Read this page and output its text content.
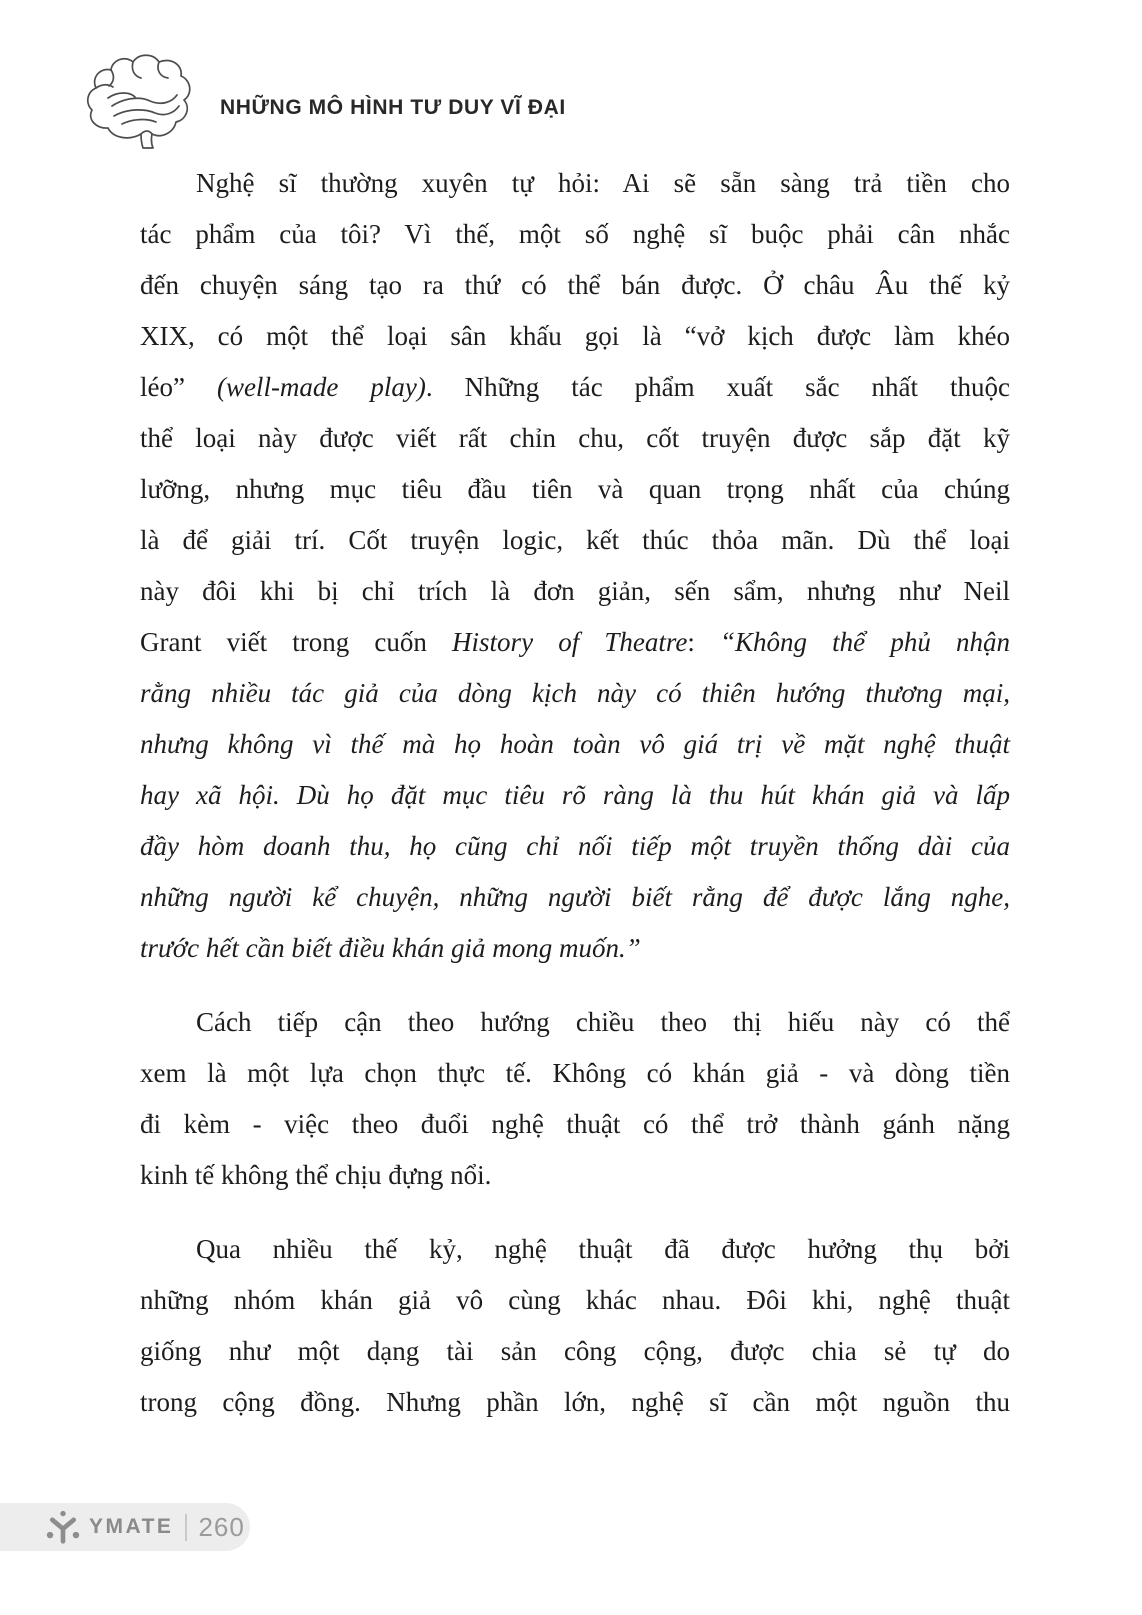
NHỮNG MÔ HÌNH TƯ DUY VĨ ĐẠI
Nghệ sĩ thường xuyên tự hỏi: Ai sẽ sẵn sàng trả tiền cho
tác phẩm của tôi? Vì thế, một số nghệ sĩ buộc phải cân nhắc
đến chuyện sáng tạo ra thứ có thể bán được. Ở châu Âu thế kỷ
XIX, có một thể loại sân khấu gọi là “vở kịch được làm khéo
léo” (well-made play). Những tác phẩm xuất sắc nhất thuộc
thể loại này được viết rất chỉn chu, cốt truyện được sắp đặt kỹ
lưỡng, nhưng mục tiêu đầu tiên và quan trọng nhất của chúng
là để giải trí. Cốt truyện logic, kết thúc thỏa mãn. Dù thể loại
này đôi khi bị chỉ trích là đơn giản, sến sẩm, nhưng như Neil
Grant viết trong cuốn History of Theatre: “Không thể phủ nhận
rằng nhiều tác giả của dòng kịch này có thiên hướng thương mại,
nhưng không vì thế mà họ hoàn toàn vô giá trị về mặt nghệ thuật
hay xã hội. Dù họ đặt mục tiêu rõ ràng là thu hút khán giả và lấp
đầy hòm doanh thu, họ cũng chỉ nối tiếp một truyền thống dài của
những người kể chuyện, những người biết rằng để được lắng nghe,
trước hết cần biết điều khán giả mong muốn.”
Cách tiếp cận theo hướng chiều theo thị hiếu này có thể
xem là một lựa chọn thực tế. Không có khán giả - và dòng tiền
đi kèm - việc theo đuổi nghệ thuật có thể trở thành gánh nặng
kinh tế không thể chịu đựng nổi.
Qua nhiều thế kỷ, nghệ thuật đã được hưởng thụ bởi
những nhóm khán giả vô cùng khác nhau. Đôi khi, nghệ thuật
giống như một dạng tài sản công cộng, được chia sẻ tự do
trong cộng đồng. Nhưng phần lớn, nghệ sĩ cần một nguồn thu
YMATE 260
